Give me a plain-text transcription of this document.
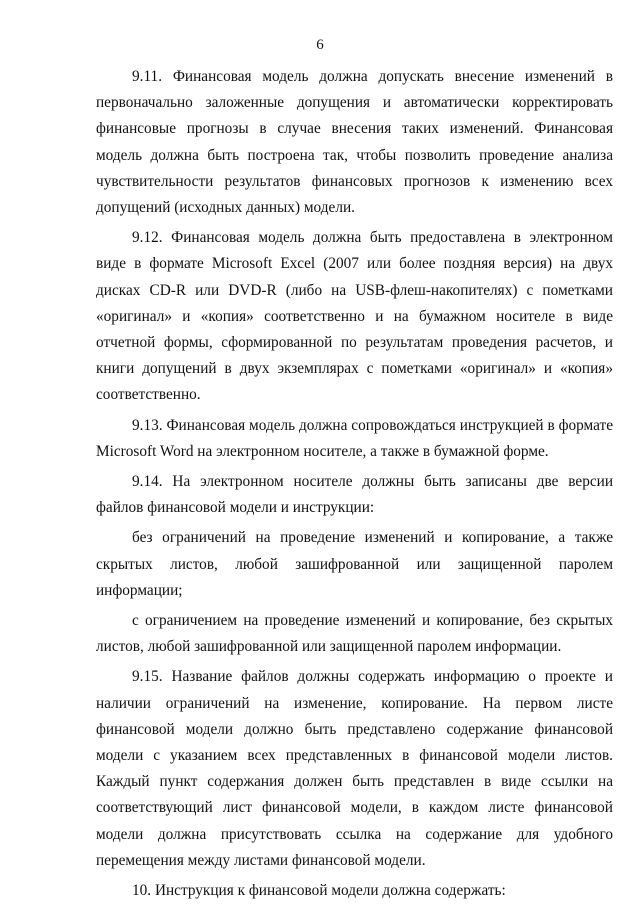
6

9.11. Финансовая модель должна допускать внесение изменений в первоначально заложенные допущения и автоматически корректировать финансовые прогнозы в случае внесения таких изменений. Финансовая модель должна быть построена так, чтобы позволить проведение анализа чувствительности результатов финансовых прогнозов к изменению всех допущений (исходных данных) модели.

9.12. Финансовая модель должна быть предоставлена в электронном виде в формате Microsoft Excel (2007 или более поздняя версия) на двух дисках CD-R или DVD-R (либо на USB-флеш-накопителях) с пометками «оригинал» и «копия» соответственно и на бумажном носителе в виде отчетной формы, сформированной по результатам проведения расчетов, и книги допущений в двух экземплярах с пометками «оригинал» и «копия» соответственно.

9.13. Финансовая модель должна сопровождаться инструкцией в формате Microsoft Word на электронном носителе, а также в бумажной форме.

9.14. На электронном носителе должны быть записаны две версии файлов финансовой модели и инструкции:

без ограничений на проведение изменений и копирование, а также скрытых листов, любой зашифрованной или защищенной паролем информации;

с ограничением на проведение изменений и копирование, без скрытых листов, любой зашифрованной или защищенной паролем информации.

9.15. Название файлов должны содержать информацию о проекте и наличии ограничений на изменение, копирование. На первом листе финансовой модели должно быть представлено содержание финансовой модели с указанием всех представленных в финансовой модели листов. Каждый пункт содержания должен быть представлен в виде ссылки на соответствующий лист финансовой модели, в каждом листе финансовой модели должна присутствовать ссылка на содержание для удобного перемещения между листами финансовой модели.

10. Инструкция к финансовой модели должна содержать:
